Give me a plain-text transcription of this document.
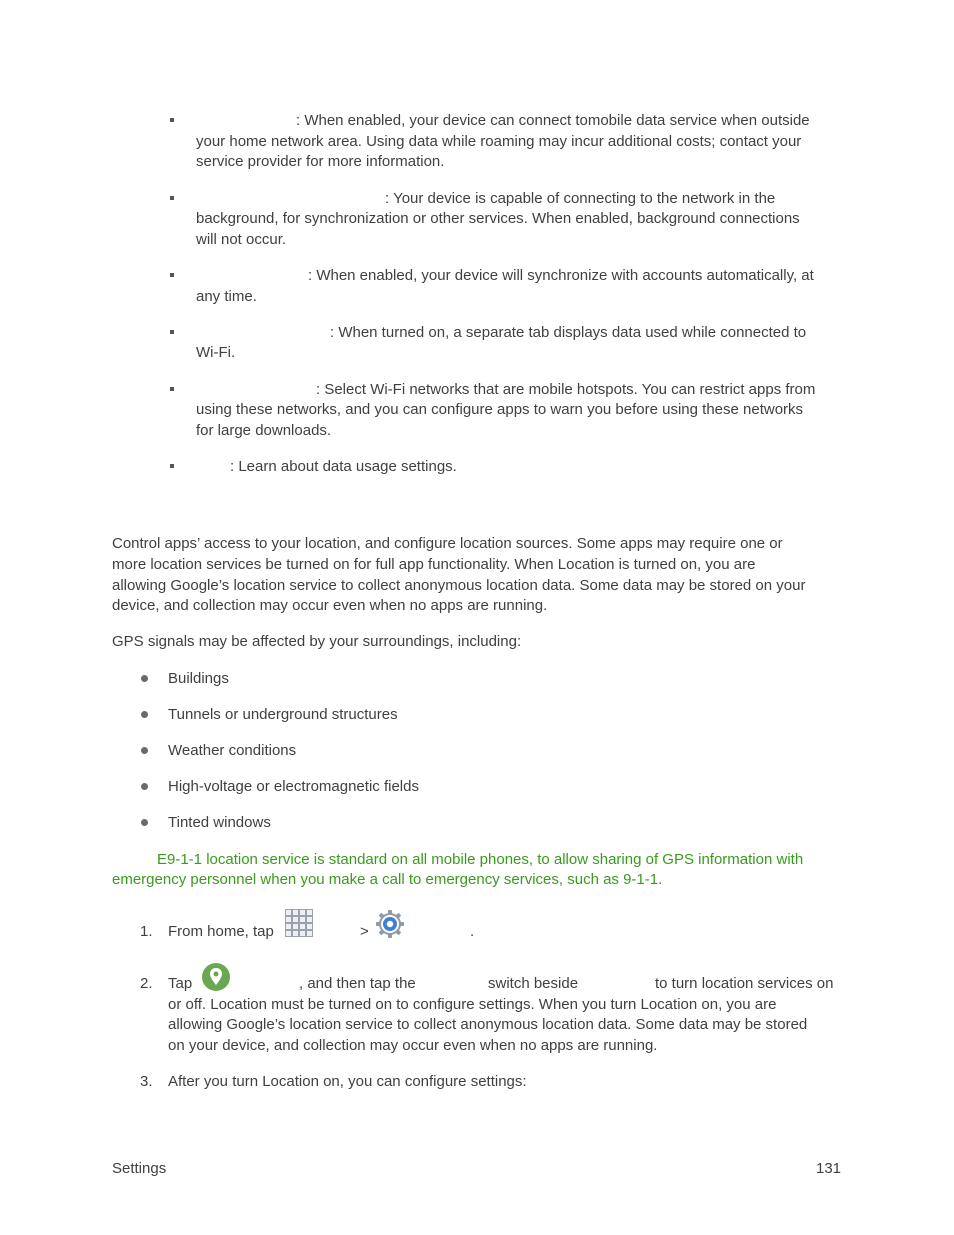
: When enabled, your device can connect tomobile data service when outside
your home network area. Using data while roaming may incur additional costs; contact your
service provider for more information.
: Your device is capable of connecting to the network in the
background, for synchronization or other services. When enabled, background connections
will not occur.
: When enabled, your device will synchronize with accounts automatically, at
any time.
: When turned on, a separate tab displays data used while connected to
Wi-Fi.
: Select Wi-Fi networks that are mobile hotspots. You can restrict apps from
using these networks, and you can configure apps to warn you before using these networks
for large downloads.
: Learn about data usage settings.
Control apps’ access to your location, and configure location sources. Some apps may require one or
more location services be turned on for full app functionality. When Location is turned on, you are
allowing Google’s location service to collect anonymous location data. Some data may be stored on your
device, and collection may occur even when no apps are running.
GPS signals may be affected by your surroundings, including:
Buildings
Tunnels or underground structures
Weather conditions
High-voltage or electromagnetic fields
Tinted windows
E9-1-1 location service is standard on all mobile phones, to allow sharing of GPS information with
emergency personnel when you make a call to emergency services, such as 9-1-1.
1. From home, tap	>	.
2. Tap	, and then tap the	switch beside	to turn location services on
or off. Location must be turned on to configure settings. When you turn Location on, you are
allowing Google’s location service to collect anonymous location data. Some data may be stored
on your device, and collection may occur even when no apps are running.
3. After you turn Location on, you can configure settings:
Settings	131
